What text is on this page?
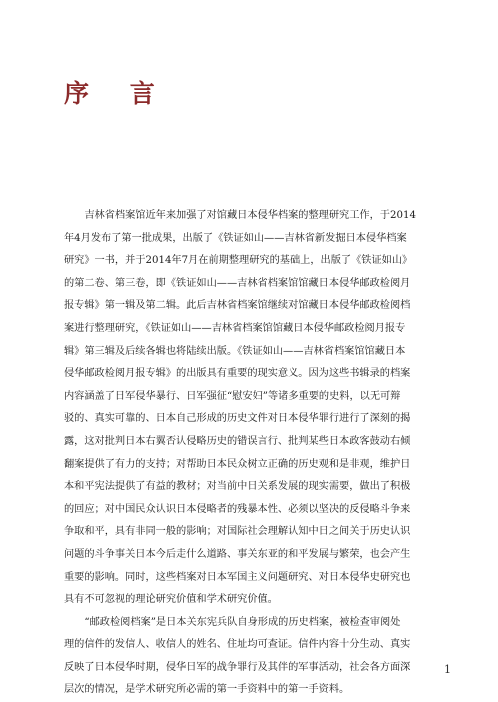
序 言
　　吉林省档案馆近年来加强了对馆藏日本侵华档案的整理研究工作，于2014
年4月发布了第一批成果，出版了《铁证如山——吉林省新发掘日本侵华档案
研究》一书，并于2014年7月在前期整理研究的基础上，出版了《铁证如山》
的第二卷、第三卷，即《铁证如山——吉林省档案馆馆藏日本侵华邮政检阅月
报专辑》第一辑及第二辑。此后吉林省档案馆继续对馆藏日本侵华邮政检阅档
案进行整理研究，《铁证如山——吉林省档案馆馆藏日本侵华邮政检阅月报专
辑》第三辑及后续各辑也将陆续出版。《铁证如山——吉林省档案馆馆藏日本
侵华邮政检阅月报专辑》的出版具有重要的现实意义。因为这些书辑录的档案
内容涵盖了日军侵华暴行、日军强征“慰安妇”等诸多重要的史料，以无可辩
驳的、真实可靠的、日本自己形成的历史文件对日本侵华罪行进行了深刻的揭
露，这对批判日本右翼否认侵略历史的错误言行、批判某些日本政客鼓动右倾
翻案提供了有力的支持；对帮助日本民众树立正确的历史观和是非观，维护日
本和平宪法提供了有益的教材；对当前中日关系发展的现实需要，做出了积极
的回应；对中国民众认识日本侵略者的残暴本性、必须以坚决的反侵略斗争来
争取和平，具有非同一般的影响；对国际社会理解认知中日之间关于历史认识
问题的斗争事关日本今后走什么道路、事关东亚的和平发展与繁荣，也会产生
重要的影响。同时，这些档案对日本军国主义问题研究、对日本侵华史研究也
具有不可忽视的理论研究价值和学术研究价值。
　　“邮政检阅档案”是日本关东宪兵队自身形成的历史档案，被检查审阅处
理的信件的发信人、收信人的姓名、住址均可查证。信件内容十分生动、真实
反映了日本侵华时期，侵华日军的战争罪行及其伴的军事活动，社会各方面深
层次的情况，是学术研究所必需的第一手资料中的第一手资料。
1
